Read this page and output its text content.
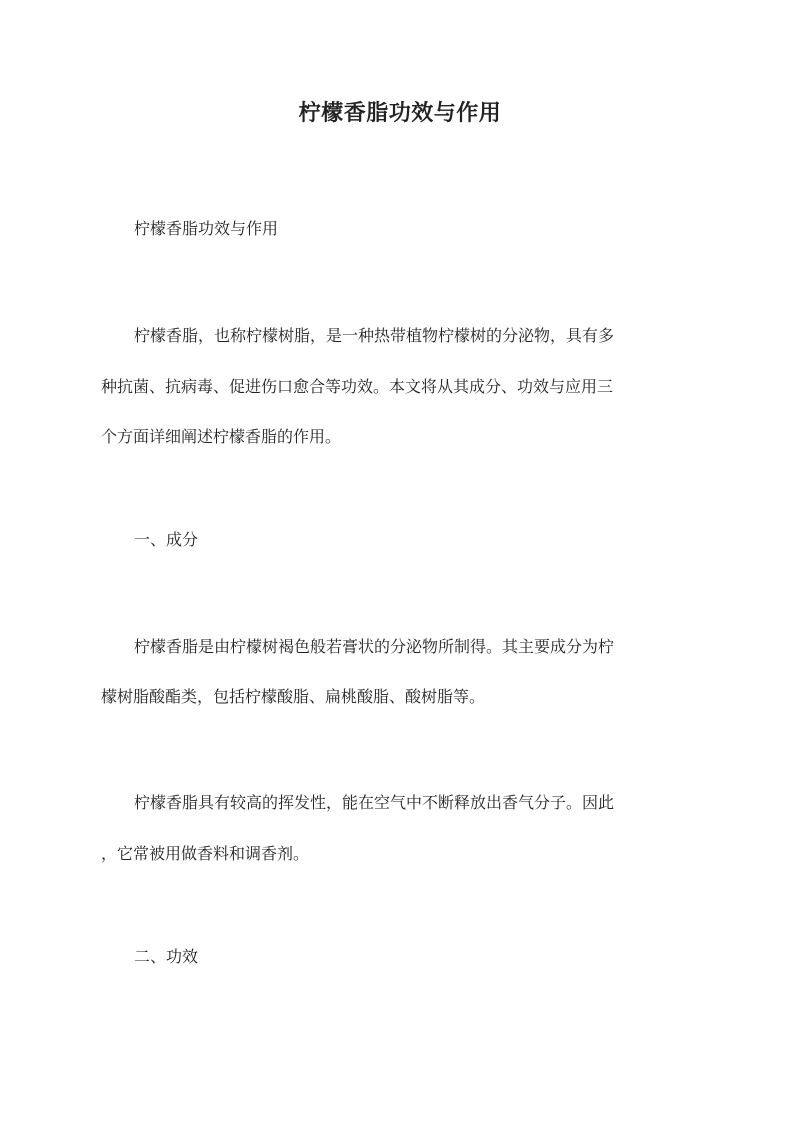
柠檬香脂功效与作用
柠檬香脂功效与作用
柠檬香脂，也称柠檬树脂，是一种热带植物柠檬树的分泌物，具有多
种抗菌、抗病毒、促进伤口愈合等功效。本文将从其成分、功效与应用三
个方面详细阐述柠檬香脂的作用。
一、成分
柠檬香脂是由柠檬树褐色般若膏状的分泌物所制得。其主要成分为柠
檬树脂酸酯类，包括柠檬酸脂、扁桃酸脂、酸树脂等。
柠檬香脂具有较高的挥发性，能在空气中不断释放出香气分子。因此
，它常被用做香料和调香剂。
二、功效
